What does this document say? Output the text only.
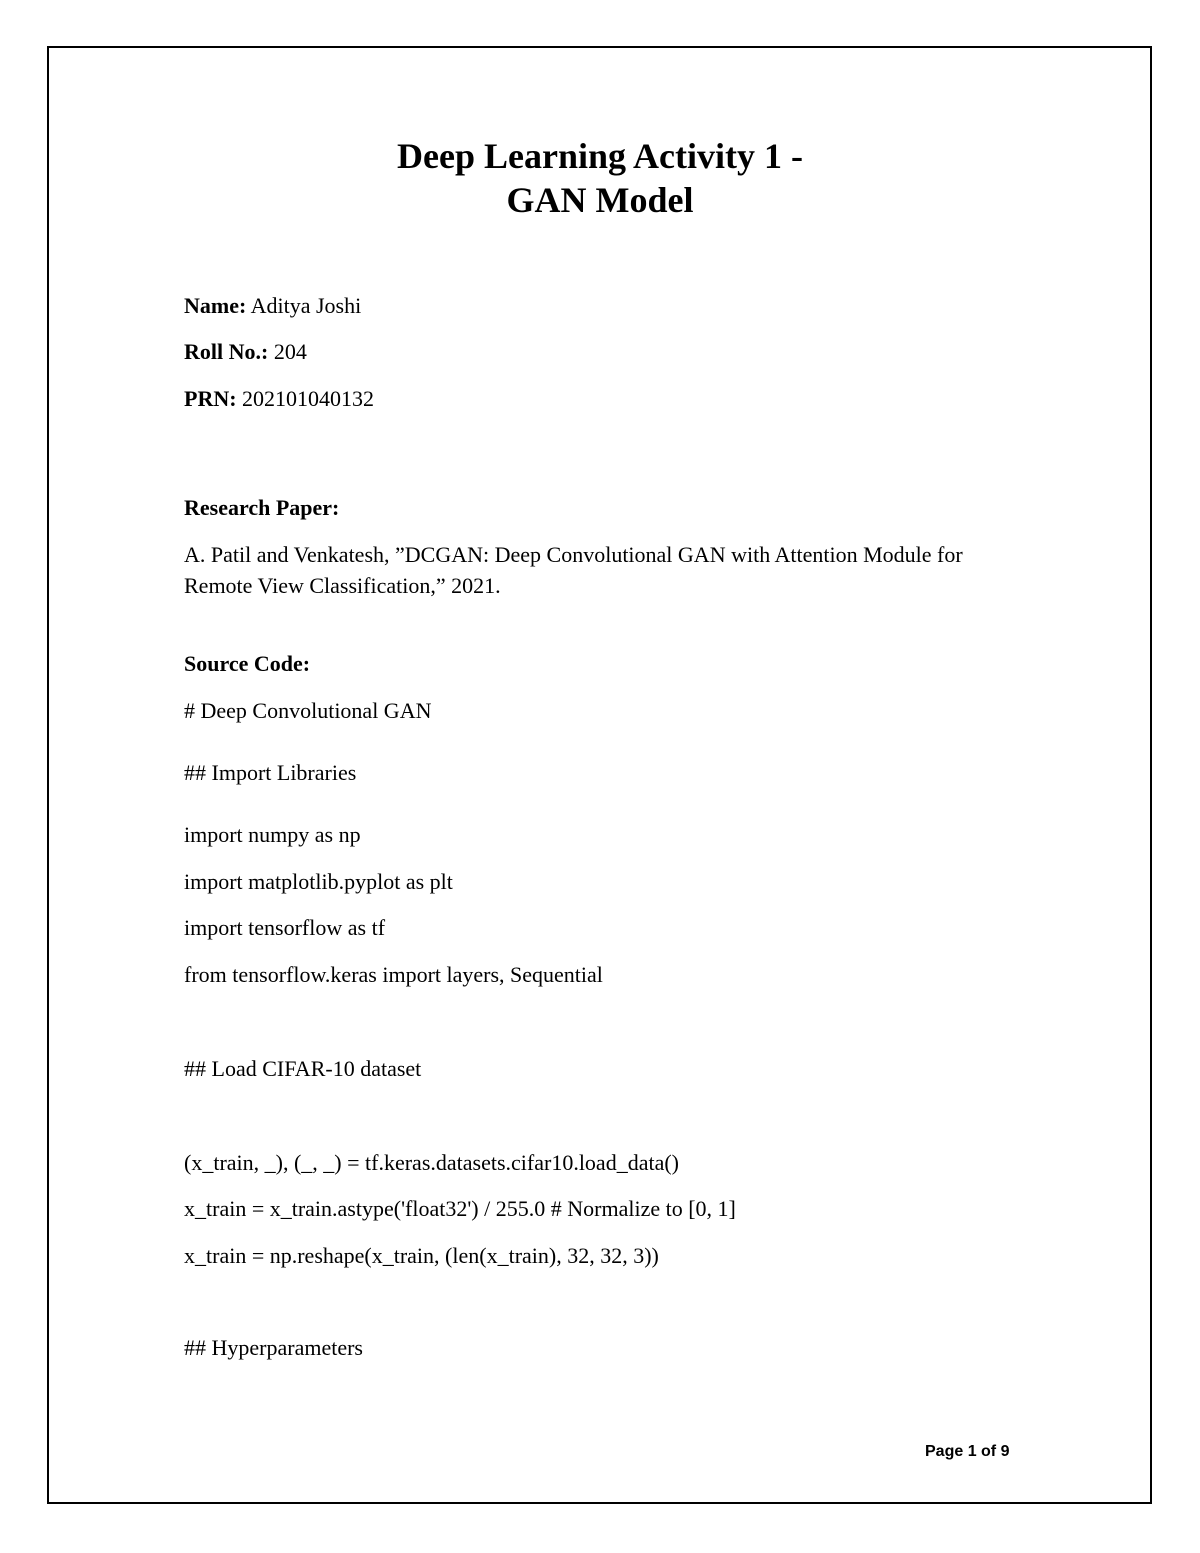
Deep Learning Activity 1 -
GAN Model
Name: Aditya Joshi
Roll No.: 204
PRN: 202101040132
Research Paper:
A. Patil and Venkatesh, ”DCGAN: Deep Convolutional GAN with Attention Module for Remote View Classification,” 2021.
Source Code:
# Deep Convolutional GAN
## Import Libraries
import numpy as np
import matplotlib.pyplot as plt
import tensorflow as tf
from tensorflow.keras import layers, Sequential
## Load CIFAR-10 dataset
(x_train, _), (_, _) = tf.keras.datasets.cifar10.load_data()
x_train = x_train.astype('float32') / 255.0 # Normalize to [0, 1]
x_train = np.reshape(x_train, (len(x_train), 32, 32, 3))
## Hyperparameters
Page 1 of 9
